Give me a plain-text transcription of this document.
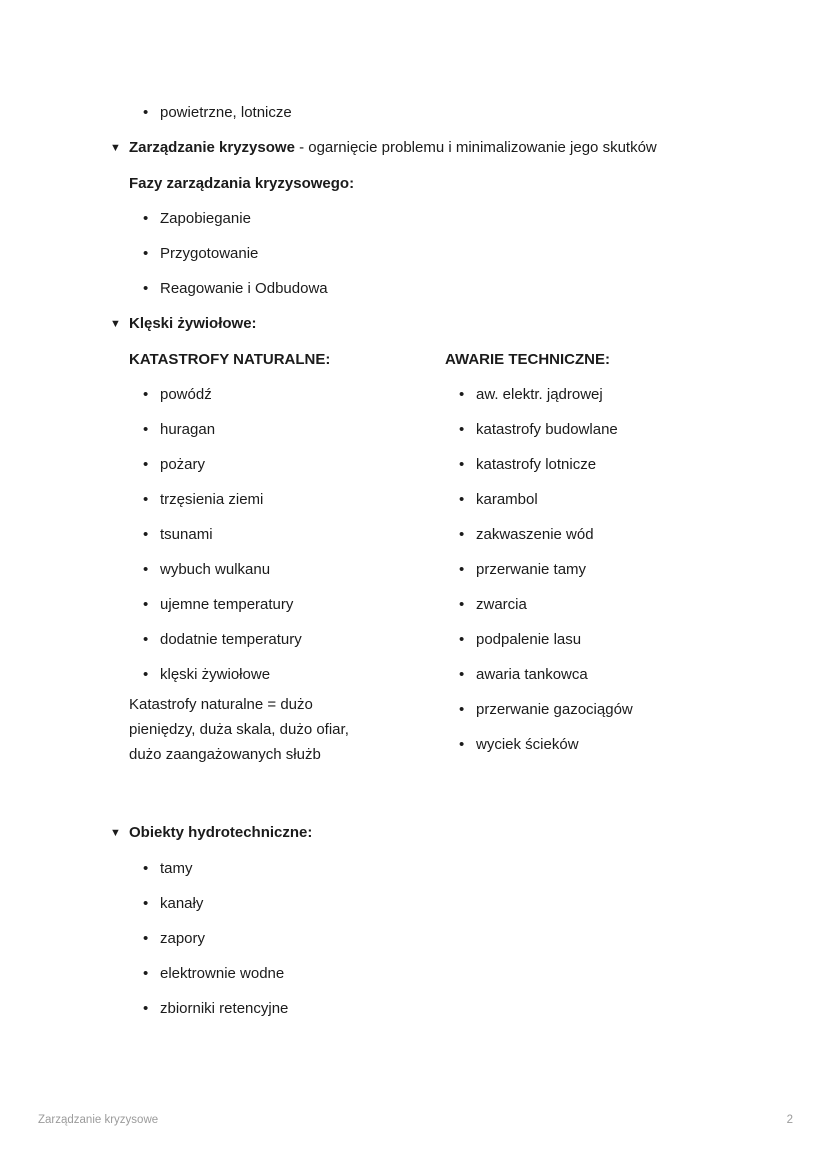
• powietrzne, lotnicze
▼ Zarządzanie kryzysowe - ogarnięcie problemu i minimalizowanie jego skutków
Fazy zarządzania kryzysowego:
• Zapobieganie
• Przygotowanie
• Reagowanie i Odbudowa
▼ Klęski żywiołowe:
KATASTROFY NATURALNE:
• powódź
• huragan
• pożary
• trzęsienia ziemi
• tsunami
• wybuch wulkanu
• ujemne temperatury
• dodatnie temperatury
• klęski żywiołowe
Katastrofy naturalne = dużo
pieniędzy, duża skala, dużo ofiar,
dużo zaangażowanych służb
AWARIE TECHNICZNE:
• aw. elektr. jądrowej
• katastrofy budowlane
• katastrofy lotnicze
• karambol
• zakwaszenie wód
• przerwanie tamy
• zwarcia
• podpalenie lasu
• awaria tankowca
• przerwanie gazociągów
• wyciek ścieków
▼ Obiekty hydrotechniczne:
• tamy
• kanały
• zapory
• elektrownie wodne
• zbiorniki retencyjne
Zarządzanie kryzysowe	2
